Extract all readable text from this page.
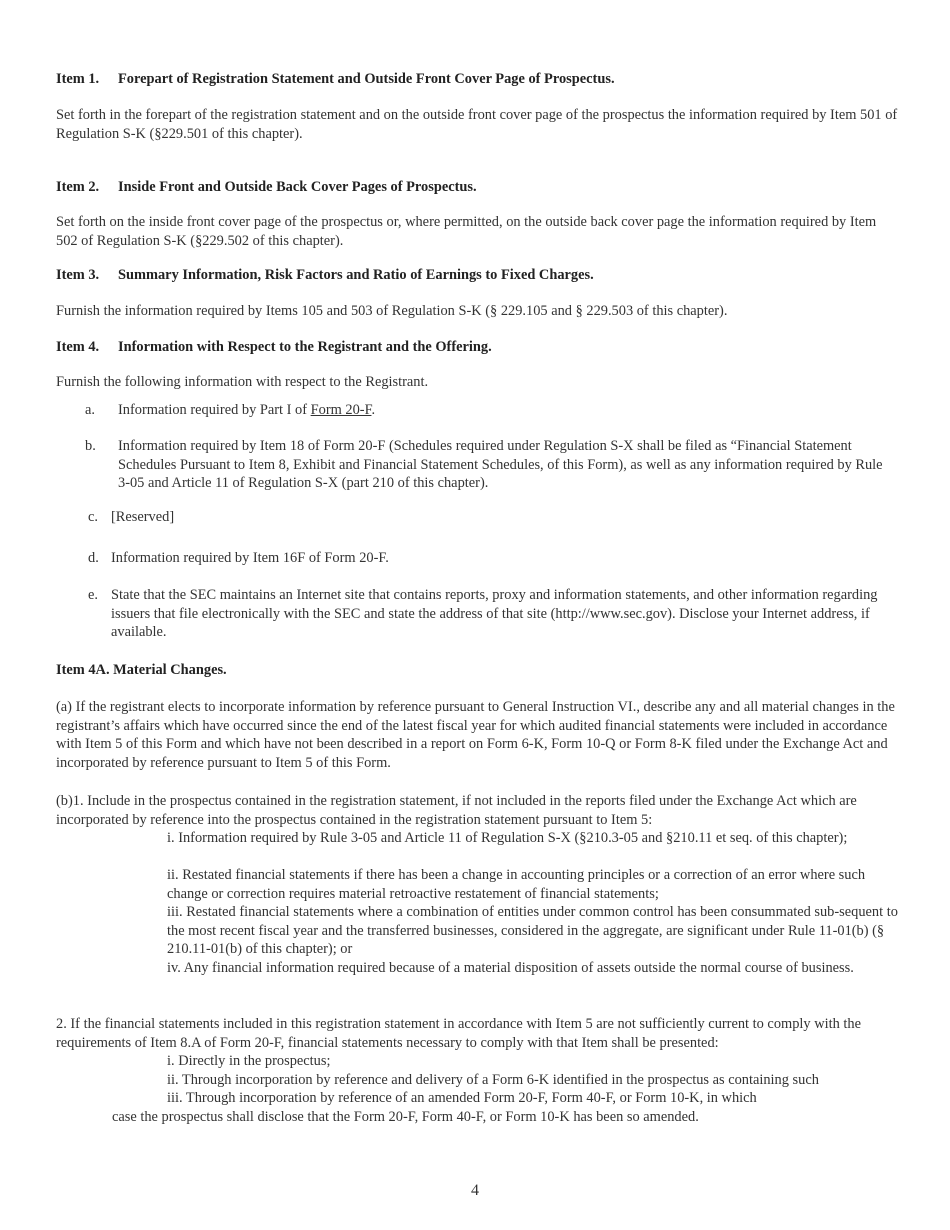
Item 1. Forepart of Registration Statement and Outside Front Cover Page of Prospectus.
Set forth in the forepart of the registration statement and on the outside front cover page of the prospectus the information required by Item 501 of Regulation S-K (§229.501 of this chapter).
Item 2. Inside Front and Outside Back Cover Pages of Prospectus.
Set forth on the inside front cover page of the prospectus or, where permitted, on the outside back cover page the information required by Item 502 of Regulation S-K (§229.502 of this chapter).
Item 3. Summary Information, Risk Factors and Ratio of Earnings to Fixed Charges.
Furnish the information required by Items 105 and 503 of Regulation S-K (§ 229.105 and § 229.503 of this chapter).
Item 4. Information with Respect to the Registrant and the Offering.
Furnish the following information with respect to the Registrant.
a. Information required by Part I of Form 20-F.
b. Information required by Item 18 of Form 20-F (Schedules required under Regulation S-X shall be filed as “Financial Statement Schedules Pursuant to Item 8, Exhibit and Financial Statement Schedules, of this Form), as well as any information required by Rule 3-05 and Article 11 of Regulation S-X (part 210 of this chapter).
c. [Reserved]
d. Information required by Item 16F of Form 20-F.
e. State that the SEC maintains an Internet site that contains reports, proxy and information statements, and other information regarding issuers that file electronically with the SEC and state the address of that site (http://www.sec.gov). Disclose your Internet address, if available.
Item 4A. Material Changes.
(a) If the registrant elects to incorporate information by reference pursuant to General Instruction VI., describe any and all material changes in the registrant’s affairs which have occurred since the end of the latest fiscal year for which audited financial statements were included in accordance with Item 5 of this Form and which have not been described in a report on Form 6-K, Form 10-Q or Form 8-K filed under the Exchange Act and incorporated by reference pursuant to Item 5 of this Form.
(b)1. Include in the prospectus contained in the registration statement, if not included in the reports filed under the Exchange Act which are incorporated by reference into the prospectus contained in the registration statement pursuant to Item 5:
i. Information required by Rule 3-05 and Article 11 of Regulation S-X (§210.3-05 and §210.11 et seq. of this chapter);
ii. Restated financial statements if there has been a change in accounting principles or a correction of an error where such change or correction requires material retroactive restatement of financial statements;
iii. Restated financial statements where a combination of entities under common control has been consummated sub-sequent to the most recent fiscal year and the transferred businesses, considered in the aggregate, are significant under Rule 11-01(b) (§ 210.11-01(b) of this chapter); or
iv. Any financial information required because of a material disposition of assets outside the normal course of business.
2. If the financial statements included in this registration statement in accordance with Item 5 are not sufficiently current to comply with the requirements of Item 8.A of Form 20-F, financial statements necessary to comply with that Item shall be presented:
i. Directly in the prospectus;
ii. Through incorporation by reference and delivery of a Form 6-K identified in the prospectus as containing such
iii. Through incorporation by reference of an amended Form 20-F, Form 40-F, or Form 10-K, in which
case the prospectus shall disclose that the Form 20-F, Form 40-F, or Form 10-K has been so amended.
4
